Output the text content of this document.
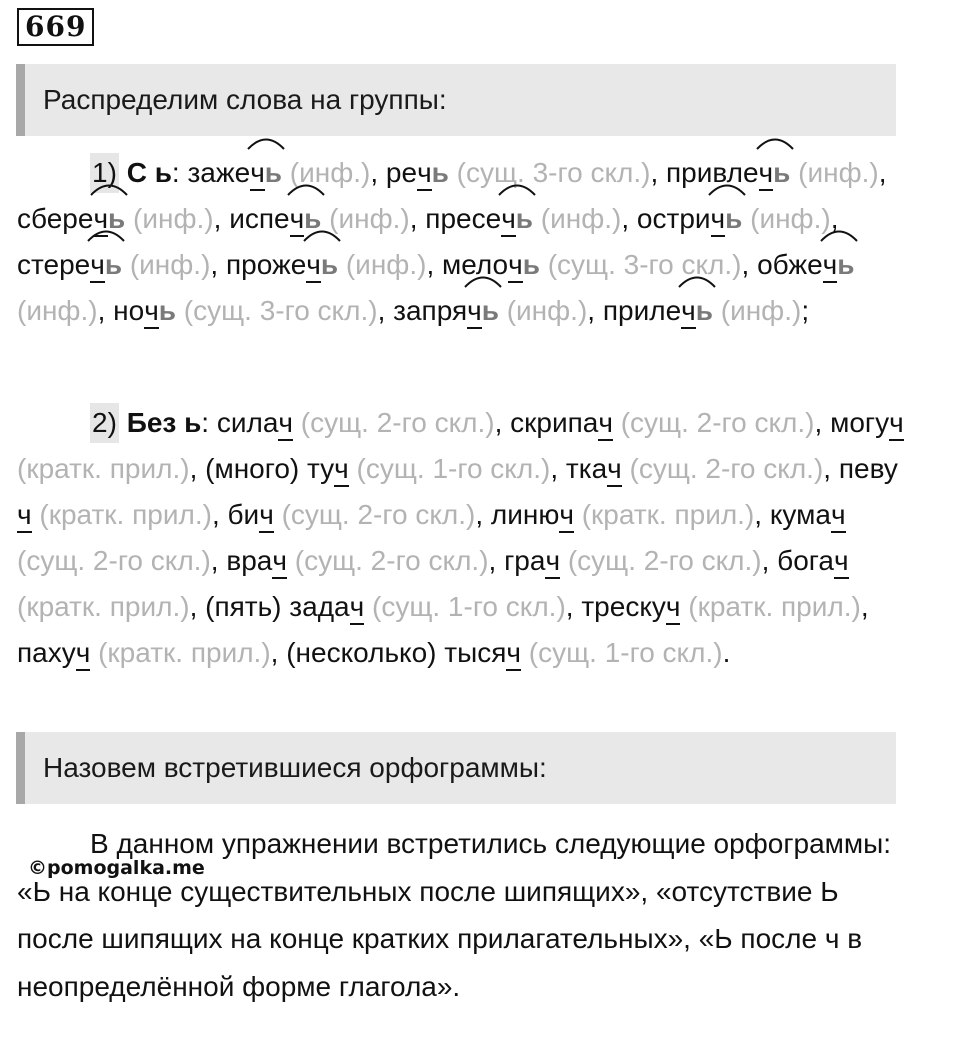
669
Распределим слова на группы:
1) С ь: зажечь (инф.), речь (сущ. 3-го скл.), привлечь (инф.), сберечь (инф.), испечь (инф.), пресечь (инф.), остричь (инф.), стеречь (инф.), прожечь (инф.), мелочь (сущ. 3-го скл.), обжечь
(инф.), ночь (сущ. 3-го скл.), запрячь (инф.), прилечь (инф.);
2) Без ь: силач (сущ. 2-го скл.), скрипач (сущ. 2-го скл.), могуч (кратк. прил.), (много) туч (сущ. 1-го скл.), ткач (сущ. 2-го скл.), певуч (кратк. прил.), бич (сущ. 2-го скл.), линюч (кратк. прил.), кумач (сущ. 2-го скл.), врач (сущ. 2-го скл.), грач (сущ. 2-го скл.), богач (кратк. прил.), (пять) задач (сущ. 1-го скл.), трескуч (кратк. прил.), пахуч (кратк. прил.), (несколько) тысяч (сущ. 1-го скл.).
Назовем встретившиеся орфограммы:
В данном упражнении встретились следующие орфограммы: «Ь на конце существительных после шипящих», «отсутствие Ь после шипящих на конце кратких прилагательных», «Ь после ч в неопределённой форме глагола».
©pomogalka.me
